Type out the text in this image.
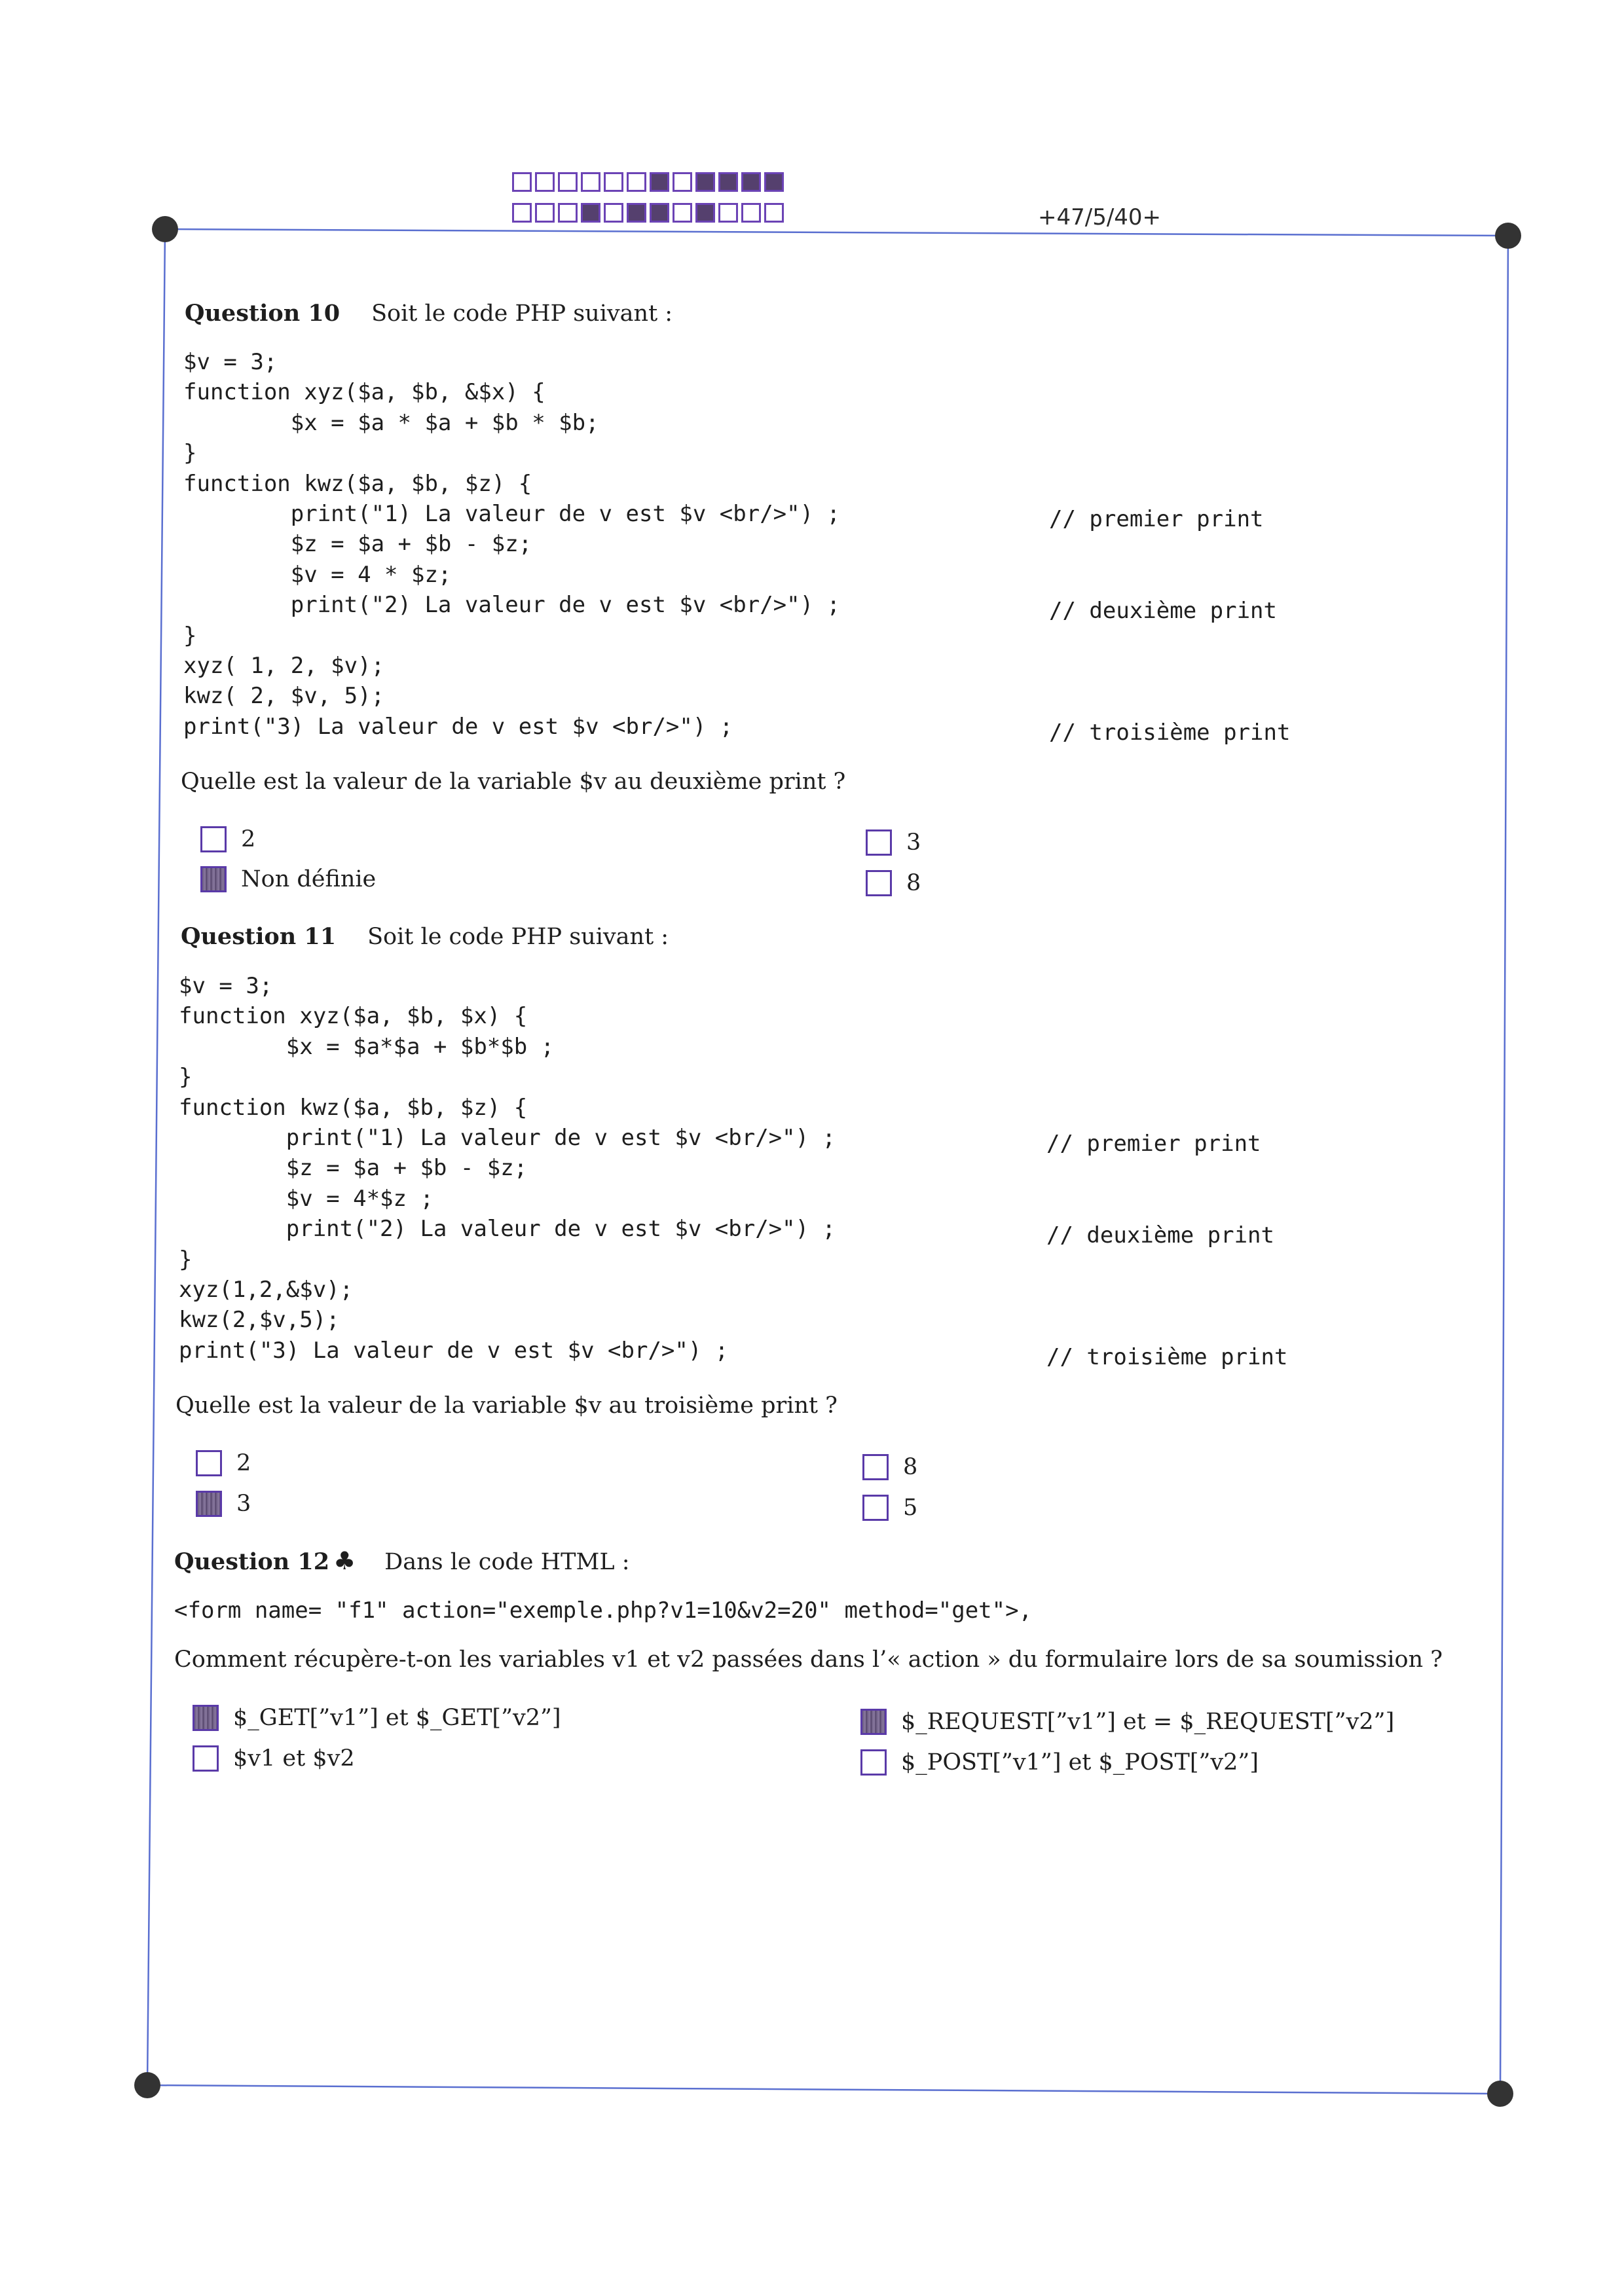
+47/5/40+
Question 10 Soit le code PHP suivant :
$v = 3;
function xyz($a, $b, &$x) {
$x = $a * $a + $b * $b;
}
function kwz($a, $b, $z) {
print("1) La valeur de v est $v <br/>") ;
$z = $a + $b - $z;
$v = 4 * $z;
print("2) La valeur de v est $v <br/>") ;
}
xyz( 1, 2, $v);
kwz( 2, $v, 5);
print("3) La valeur de v est $v <br/>") ;
// premier print
// deuxième print
// troisième print
Quelle est la valeur de la variable $v au deuxième print ?
2
Non définie
3
8
Question 11 Soit le code PHP suivant :
$v = 3;
function xyz($a, $b, $x) {
$x = $a*$a + $b*$b ;
}
function kwz($a, $b, $z) {
print("1) La valeur de v est $v <br/>") ;
$z = $a + $b - $z;
$v = 4*$z ;
print("2) La valeur de v est $v <br/>") ;
}
xyz(1,2,&$v);
kwz(2,$v,5);
print("3) La valeur de v est $v <br/>") ;
// premier print
// deuxième print
// troisième print
Quelle est la valeur de la variable $v au troisième print ?
2
3
8
5
Question 12 ♣ Dans le code HTML :
<form name= "f1" action="exemple.php?v1=10&v2=20" method="get">,
Comment récupère-t-on les variables v1 et v2 passées dans l’« action » du formulaire lors de sa soumission ?
$_GET[”v1”] et $_GET[”v2”]
$v1 et $v2
$_REQUEST[”v1”] et = $_REQUEST[”v2”]
$_POST[”v1”] et $_POST[”v2”]
